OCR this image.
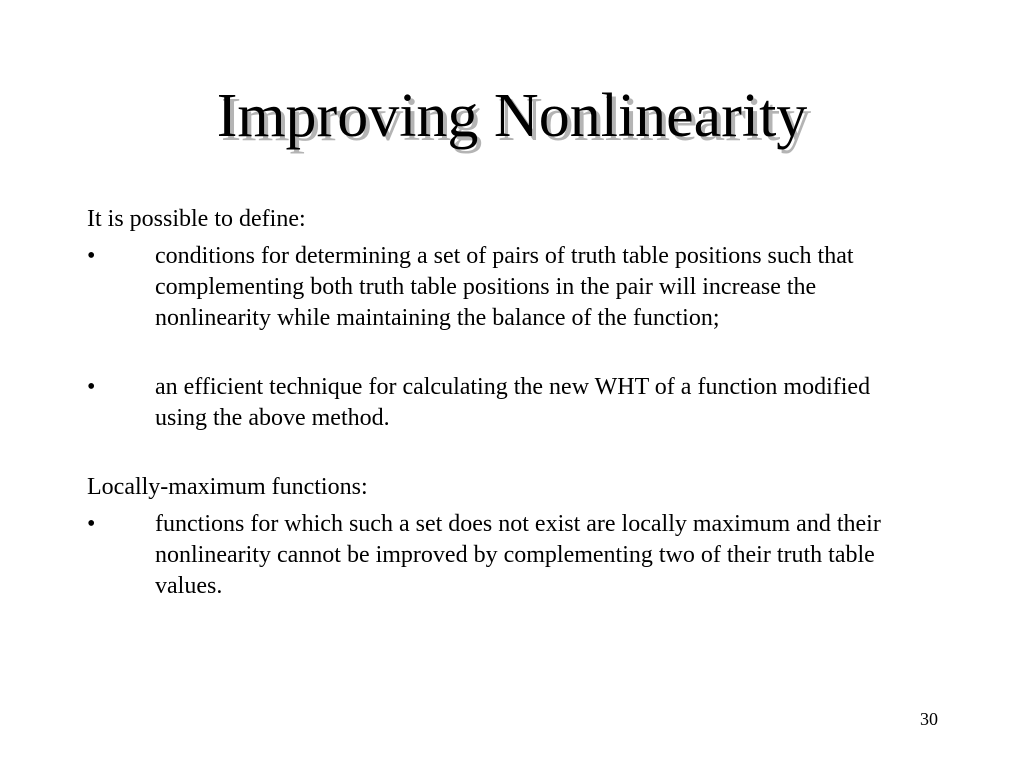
Improving Nonlinearity

It is possible to define:

• conditions for determining a set of pairs of truth table positions such that complementing both truth table positions in the pair will increase the nonlinearity while maintaining the balance of the function;
• an efficient technique for calculating the new WHT of a function modified using the above method.

Locally-maximum functions:

• functions for which such a set does not exist are locally maximum and their nonlinearity cannot be improved by complementing two of their truth table values.
30
